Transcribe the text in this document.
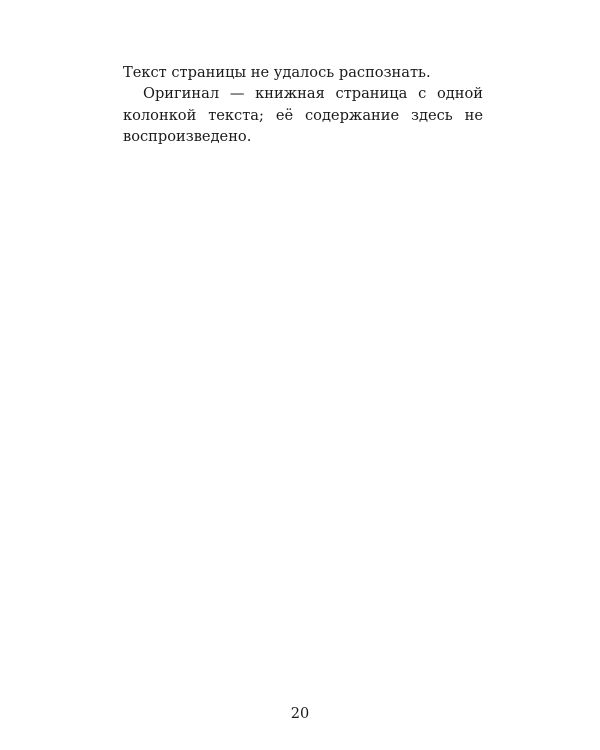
Текст страницы не удалось распознать.

Оригинал — книжная страница с одной колонкой текста; её содержание здесь не воспроизведено.

20
